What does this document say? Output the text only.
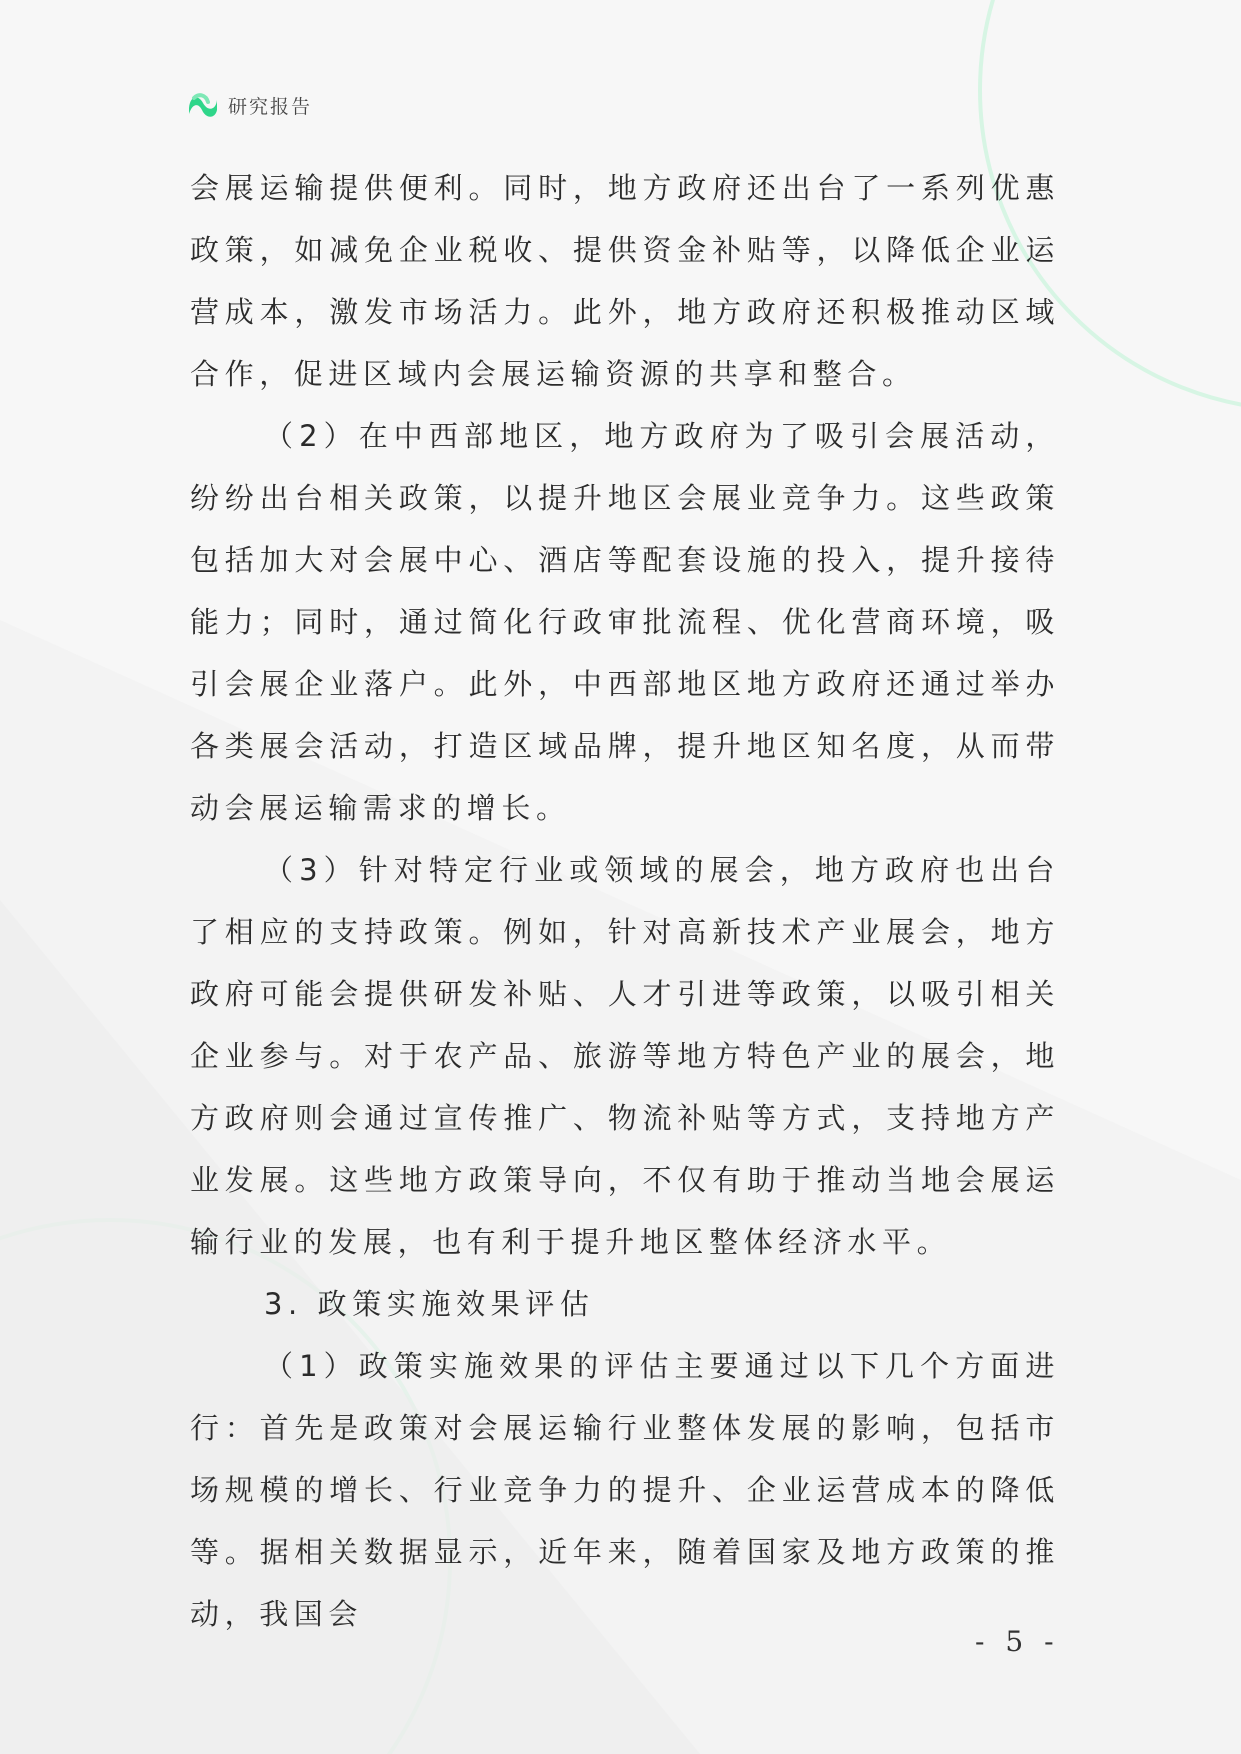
研究报告

会展运输提供便利。同时，地方政府还出台了一系列优惠政策，如减免企业税收、提供资金补贴等，以降低企业运营成本，激发市场活力。此外，地方政府还积极推动区域合作，促进区域内会展运输资源的共享和整合。

（2）在中西部地区，地方政府为了吸引会展活动，纷纷出台相关政策，以提升地区会展业竞争力。这些政策包括加大对会展中心、酒店等配套设施的投入，提升接待能力；同时，通过简化行政审批流程、优化营商环境，吸引会展企业落户。此外，中西部地区地方政府还通过举办各类展会活动，打造区域品牌，提升地区知名度，从而带动会展运输需求的增长。

（3）针对特定行业或领域的展会，地方政府也出台了相应的支持政策。例如，针对高新技术产业展会，地方政府可能会提供研发补贴、人才引进等政策，以吸引相关企业参与。对于农产品、旅游等地方特色产业的展会，地方政府则会通过宣传推广、物流补贴等方式，支持地方产业发展。这些地方政策导向，不仅有助于推动当地会展运输行业的发展，也有利于提升地区整体经济水平。

3. 政策实施效果评估

（1）政策实施效果的评估主要通过以下几个方面进行：首先是政策对会展运输行业整体发展的影响，包括市场规模的增长、行业竞争力的提升、企业运营成本的降低等。据相关数据显示，近年来，随着国家及地方政策的推动，我国会

- 5 -
